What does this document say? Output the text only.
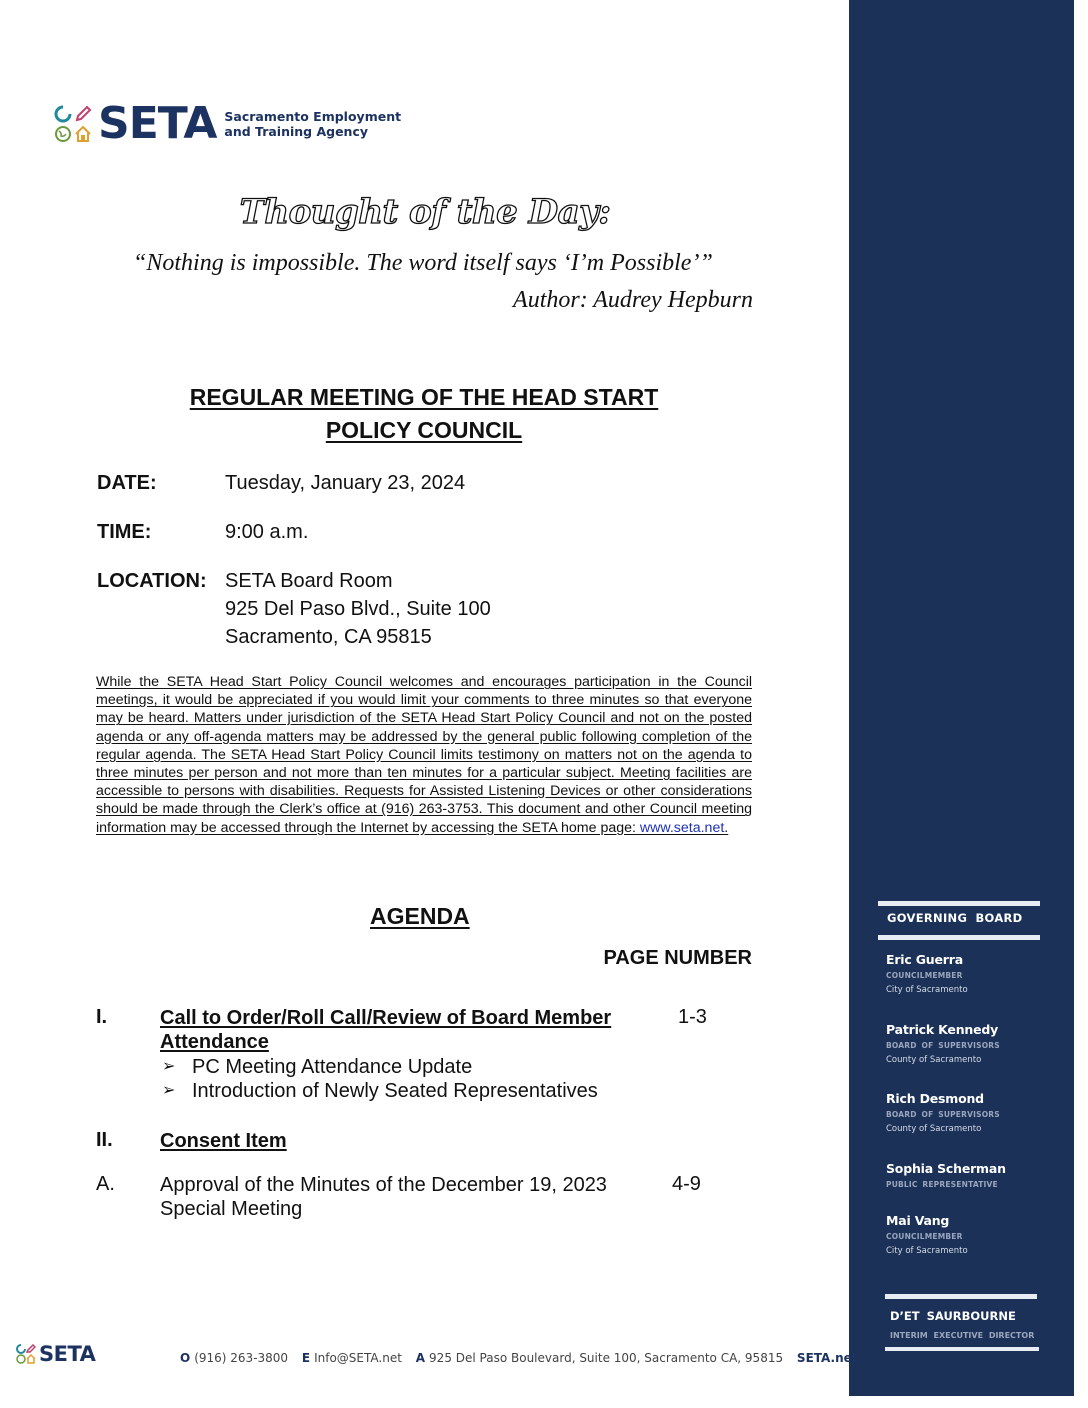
GOVERNING BOARD
Eric Guerra
COUNCILMEMBER
City of Sacramento
Patrick Kennedy
BOARD OF SUPERVISORS
County of Sacramento
Rich Desmond
BOARD OF SUPERVISORS
County of Sacramento
Sophia Scherman
PUBLIC REPRESENTATIVE
Mai Vang
COUNCILMEMBER
City of Sacramento
D’ET SAURBOURNE
INTERIM EXECUTIVE DIRECTOR
SETA Sacramento Employment
and Training Agency
Thought of the Day:
“Nothing is impossible. The word itself says ‘I’m Possible’”
Author: Audrey Hepburn
REGULAR MEETING OF THE HEAD START
POLICY COUNCIL
DATE:	Tuesday, January 23, 2024
TIME:	9:00 a.m.
LOCATION: SETA Board Room
925 Del Paso Blvd., Suite 100
Sacramento, CA 95815
While the SETA Head Start Policy Council welcomes and encourages participation in the Council meetings, it would be appreciated if you would limit your comments to three minutes so that everyone may be heard. Matters under jurisdiction of the SETA Head Start Policy Council and not on the posted agenda or any off-agenda matters may be addressed by the general public following completion of the regular agenda. The SETA Head Start Policy Council limits testimony on matters not on the agenda to three minutes per person and not more than ten minutes for a particular subject. Meeting facilities are accessible to persons with disabilities. Requests for Assisted Listening Devices or other considerations should be made through the Clerk’s office at (916) 263-3753. This document and other Council meeting information may be accessed through the Internet by accessing the SETA home page: www.seta.net.
AGENDA
PAGE NUMBER
I.	Call to Order/Roll Call/Review of Board Member
Attendance
1-3
➢ PC Meeting Attendance Update
➢ Introduction of Newly Seated Representatives
II. Consent Item
A. Approval of the Minutes of the December 19, 2023
Special Meeting
4-9
SETA	O (916) 263-3800 E Info@SETA.net A 925 Del Paso Boulevard, Suite 100, Sacramento CA, 95815 SETA.net
